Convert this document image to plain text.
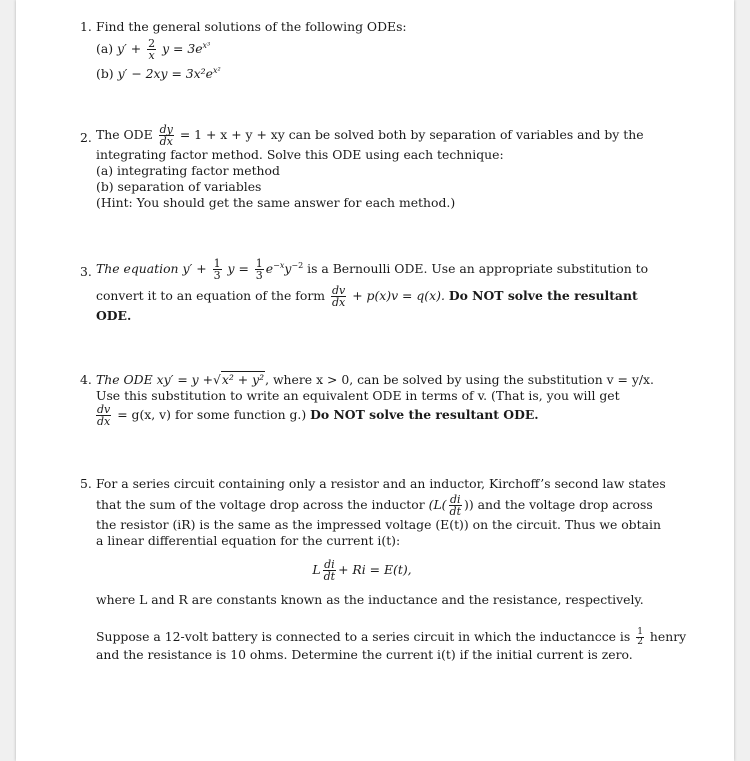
1. Find the general solutions of the following ODEs:
(a) $y' + \frac{2}{x}$ $y = 3e^{x^3}$
(b) $y' - 2xy = 3x^2e^{x^2}$
2. The ODE $\frac{dy}{dx} = 1 + x + y$ + xy can be solved both by separation of variables and by the
integrating factor method. Solve this ODE using each technique:
(a) integrating factor method
(b) separation of variables
(Hint: You should get the same answer for each method.)
3. The equation $y' + \frac{1}{3}$ $y = \frac{1}{3} e^{-x}y^{-2}$ is a Bernoulli ODE. Use an appropriate substitution to
convert it to an equation of the form $\frac{dv}{dx} + p(x)v = q(x)$. Do NOT solve the resultant
ODE.
4. The ODE xy′ = y +√x² + y², where x > 0, can be solved by using the substitution v = y/x.
Use this substitution to write an equivalent ODE in terms of v. (That is, you will get
$\frac{dv}{dx} = g(x$, v) for some function g.) Do NOT solve the resultant ODE.
5. For a series circuit containing only a resistor and an inductor, Kirchoff’s second law states
that the sum of the voltage drop across the inductor ($L( \frac{di}{dt}$ )) and the voltage drop across
the resistor (iR) is the same as the impressed voltage (E(t)) on the circuit. Thus we obtain
a linear differential equation for the current i(t):
L $\frac{di}{dt} + Ri = E(t)$,
where L and R are constants known as the inductance and the resistance, respectively.
Suppose a 12-volt battery is connected to a series circuit in which the inductancce is $\frac{1}{2}$ henry
and the resistance is 10 ohms. Determine the current i(t) if the initial current is zero.
